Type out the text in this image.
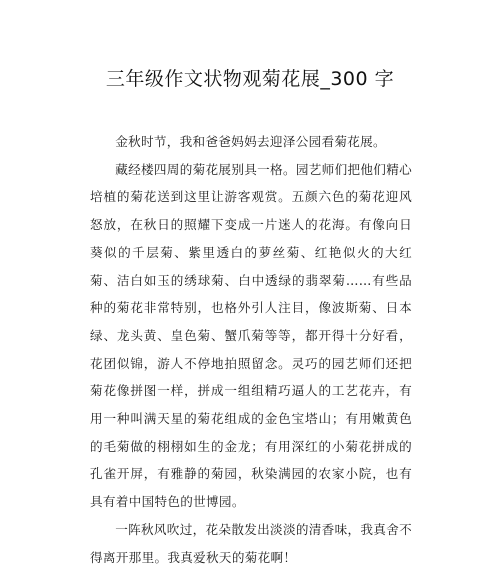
三年级作文状物观菊花展_300 字

金秋时节，我和爸爸妈妈去迎泽公园看菊花展。

藏经楼四周的菊花展别具一格。园艺师们把他们精心培植的菊花送到这里让游客观赏。五颜六色的菊花迎风怒放，在秋日的照耀下变成一片迷人的花海。有像向日葵似的千层菊、紫里透白的萝丝菊、红艳似火的大红菊、洁白如玉的绣球菊、白中透绿的翡翠菊……有些品种的菊花非常特别，也格外引人注目，像波斯菊、日本绿、龙头黄、皇色菊、蟹爪菊等等，都开得十分好看，花团似锦，游人不停地拍照留念。灵巧的园艺师们还把菊花像拼图一样，拼成一组组精巧逼人的工艺花卉，有用一种叫满天星的菊花组成的金色宝塔山；有用嫩黄色的毛菊做的栩栩如生的金龙；有用深红的小菊花拼成的孔雀开屏，有雅静的菊园，秋染满园的农家小院，也有具有着中国特色的世博园。

一阵秋风吹过，花朵散发出淡淡的清香味，我真舍不得离开那里。我真爱秋天的菊花啊！
